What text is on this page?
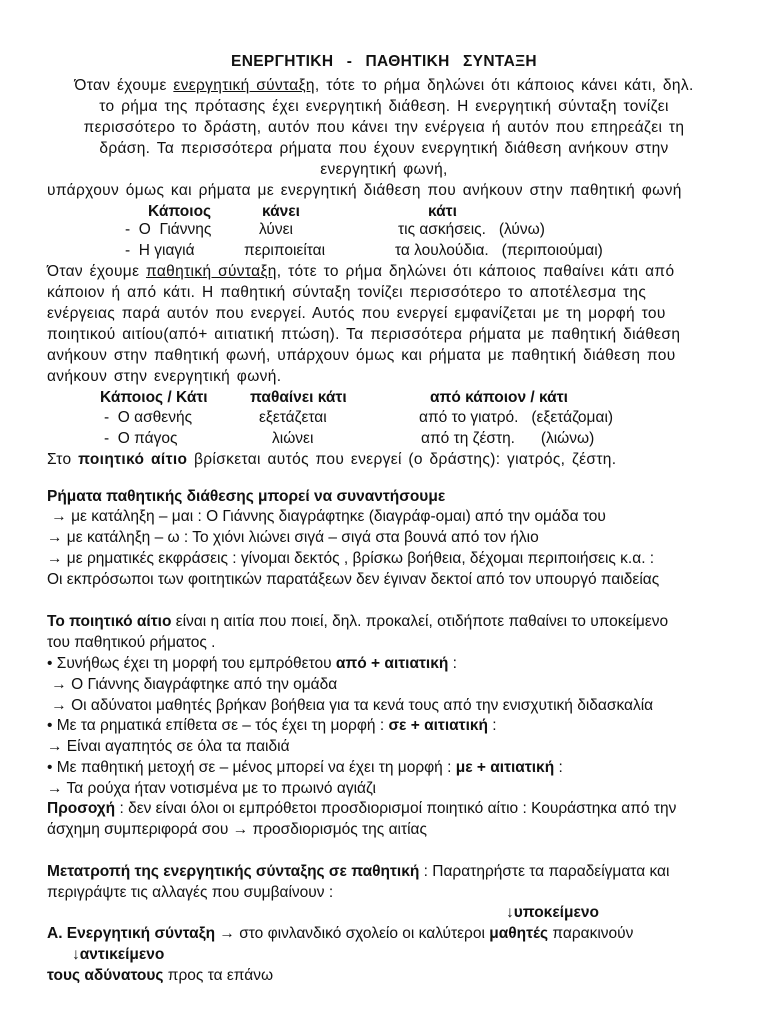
ΕΝΕΡΓΗΤΙΚΗ  -  ΠΑΘΗΤΙΚΗ  ΣΥΝΤΑΞΗ
Όταν έχουμε ενεργητική σύνταξη, τότε το ρήμα δηλώνει ότι κάποιος κάνει κάτι, δηλ.
το ρήμα της πρότασης έχει ενεργητική διάθεση. Η ενεργητική σύνταξη τονίζει
περισσότερο το δράστη, αυτόν που κάνει την ενέργεια ή αυτόν που επηρεάζει τη
δράση. Τα περισσότερα ρήματα που έχουν ενεργητική διάθεση ανήκουν στην
ενεργητική φωνή,
υπάρχουν όμως και ρήματα με ενεργητική διάθεση που ανήκουν στην παθητική φωνή
Κάποιος	κάνει	κάτι
-  Ο  Γιάννης	λύνει	τις ασκήσεις.   (λύνω)
-  Η γιαγιά	περιποιείται	τα λουλούδια.   (περιποιούμαι)
Όταν έχουμε παθητική σύνταξη, τότε το ρήμα δηλώνει ότι κάποιος παθαίνει κάτι από
κάποιον ή από κάτι. Η παθητική σύνταξη τονίζει περισσότερο το αποτέλεσμα της
ενέργειας παρά αυτόν που ενεργεί. Αυτός που ενεργεί εμφανίζεται με τη μορφή του
ποιητικού αιτίου(από+ αιτιατική πτώση). Τα περισσότερα ρήματα με παθητική διάθεση
ανήκουν στην παθητική φωνή, υπάρχουν όμως και ρήματα με παθητική διάθεση που
ανήκουν στην ενεργητική φωνή.
Κάποιος / Κάτι	παθαίνει κάτι	από κάποιον / κάτι
-  Ο ασθενής	εξετάζεται	από το γιατρό.   (εξετάζομαι)
-  Ο πάγος	λιώνει	από τη ζέστη.      (λιώνω)
Στο ποιητικό αίτιο βρίσκεται αυτός που ενεργεί (ο δράστης): γιατρός, ζέστη.
Ρήματα παθητικής διάθεσης μπορεί να συναντήσουμε
→ με κατάληξη – μαι : Ο Γιάννης διαγράφτηκε (διαγράφ-ομαι) από την ομάδα του
→ με κατάληξη – ω : Το χιόνι λιώνει σιγά – σιγά στα βουνά από τον ήλιο
→ με ρηματικές εκφράσεις : γίνομαι δεκτός , βρίσκω βοήθεια, δέχομαι περιποιήσεις κ.α. :
Οι εκπρόσωποι των φοιτητικών παρατάξεων δεν έγιναν δεκτοί από τον υπουργό παιδείας
Το ποιητικό αίτιο είναι η αιτία που ποιεί, δηλ. προκαλεί, οτιδήποτε παθαίνει το υποκείμενο
του παθητικού ρήματος .
• Συνήθως έχει τη μορφή του εμπρόθετου από + αιτιατική :
→ Ο Γιάννης διαγράφτηκε από την ομάδα
→ Οι αδύνατοι μαθητές βρήκαν βοήθεια για τα κενά τους από την ενισχυτική διδασκαλία
• Με τα ρηματικά επίθετα σε – τός έχει τη μορφή : σε + αιτιατική :
→ Είναι αγαπητός σε όλα τα παιδιά
• Με παθητική μετοχή σε – μένος μπορεί να έχει τη μορφή : με + αιτιατική :
→ Τα ρούχα ήταν νοτισμένα με το πρωινό αγιάζι
Προσοχή : δεν είναι όλοι οι εμπρόθετοι προσδιορισμοί ποιητικό αίτιο : Κουράστηκα από την
άσχημη συμπεριφορά σου → προσδιορισμός της αιτίας
Μετατροπή της ενεργητικής σύνταξης σε παθητική : Παρατηρήστε τα παραδείγματα και
περιγράψτε τις αλλαγές που συμβαίνουν :
↓υποκείμενο
Α. Ενεργητική σύνταξη → στο φινλανδικό σχολείο οι καλύτεροι μαθητές παρακινούν
↓αντικείμενο
τους αδύνατους προς τα επάνω
